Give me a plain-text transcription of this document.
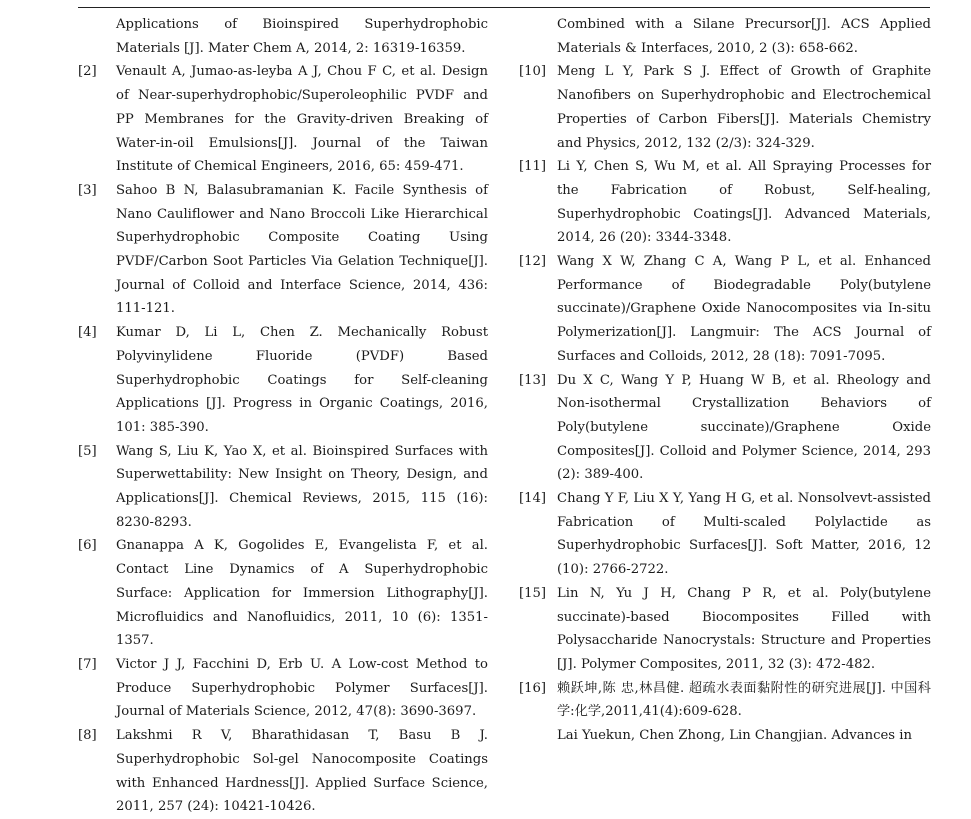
Applications of Bioinspired Superhydrophobic Materials [J]. Mater Chem A, 2014, 2: 16319-16359.
[2]	Venault A, Jumao-as-leyba A J, Chou F C, et al. Design of Near-superhydrophobic/Superoleophilic PVDF and PP Membranes for the Gravity-driven Breaking of Water-in-oil Emulsions[J]. Journal of the Taiwan Institute of Chemical Engineers, 2016, 65: 459-471.
[3]	Sahoo B N, Balasubramanian K. Facile Synthesis of Nano Cauliflower and Nano Broccoli Like Hierarchical Superhydrophobic Composite Coating Using PVDF/Carbon Soot Particles Via Gelation Technique[J]. Journal of Colloid and Interface Science, 2014, 436: 111-121.
[4]	Kumar D, Li L, Chen Z. Mechanically Robust Polyvinylidene Fluoride (PVDF) Based Superhydrophobic Coatings for Self-cleaning Applications [J]. Progress in Organic Coatings, 2016, 101: 385-390.
[5]	Wang S, Liu K, Yao X, et al. Bioinspired Surfaces with Superwettability: New Insight on Theory, Design, and Applications[J]. Chemical Reviews, 2015, 115 (16): 8230-8293.
[6]	Gnanappa A K, Gogolides E, Evangelista F, et al. Contact Line Dynamics of A Superhydrophobic Surface: Application for Immersion Lithography[J]. Microfluidics and Nanofluidics, 2011, 10 (6): 1351-1357.
[7]	Victor J J, Facchini D, Erb U. A Low-cost Method to Produce Superhydrophobic Polymer Surfaces[J]. Journal of Materials Science, 2012, 47(8): 3690-3697.
[8]	Lakshmi R V, Bharathidasan T, Basu B J. Superhydrophobic Sol-gel Nanocomposite Coatings with Enhanced Hardness[J]. Applied Surface Science, 2011, 257 (24): 10421-10426.
Combined with a Silane Precursor[J]. ACS Applied Materials & Interfaces, 2010, 2 (3): 658-662.
[10] Meng L Y, Park S J. Effect of Growth of Graphite Nanofibers on Superhydrophobic and Electrochemical Properties of Carbon Fibers[J]. Materials Chemistry and Physics, 2012, 132 (2/3): 324-329.
[11] Li Y, Chen S, Wu M, et al. All Spraying Processes for the Fabrication of Robust, Self-healing, Superhydrophobic Coatings[J]. Advanced Materials, 2014, 26 (20): 3344-3348.
[12] Wang X W, Zhang C A, Wang P L, et al. Enhanced Performance of Biodegradable Poly(butylene succinate)/Graphene Oxide Nanocomposites via In-situ Polymerization[J]. Langmuir: The ACS Journal of Surfaces and Colloids, 2012, 28 (18): 7091-7095.
[13] Du X C, Wang Y P, Huang W B, et al. Rheology and Non-isothermal Crystallization Behaviors of Poly(butylene succinate)/Graphene Oxide Composites[J]. Colloid and Polymer Science, 2014, 293 (2): 389-400.
[14] Chang Y F, Liu X Y, Yang H G, et al. Nonsolvevt-assisted Fabrication of Multi-scaled Polylactide as Superhydrophobic Surfaces[J]. Soft Matter, 2016, 12 (10): 2766-2722.
[15] Lin N, Yu J H, Chang P R, et al. Poly(butylene succinate)-based Biocomposites Filled with Polysaccharide Nanocrystals: Structure and Properties [J]. Polymer Composites, 2011, 32 (3): 472-482.
[16] 赖跃坤,陈 忠,林昌健. 超疏水表面黏附性的研究进展[J]. 中国科学:化学,2011,41(4):609-628.
Lai Yuekun, Chen Zhong, Lin Changjian. Advances in
